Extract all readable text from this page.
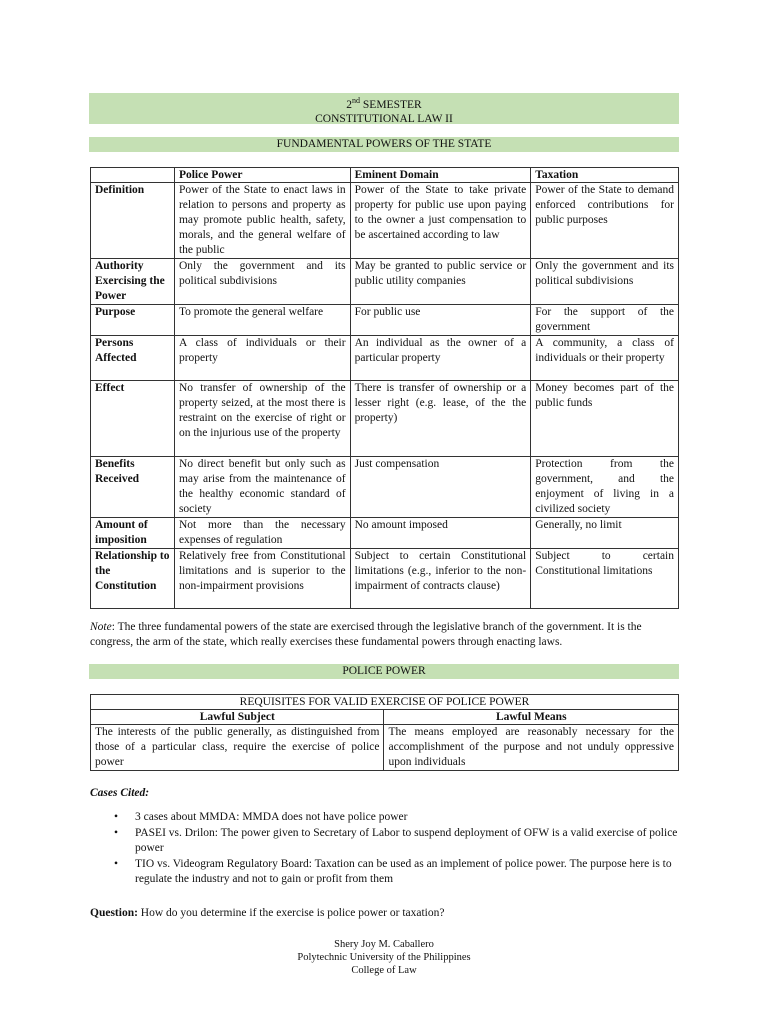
2nd SEMESTER
CONSTITUTIONAL LAW II
FUNDAMENTAL POWERS OF THE STATE
	Police Power	Eminent Domain	Taxation
Definition	Power of the State to enact laws in relation to persons and property as may promote public health, safety, morals, and the general welfare of the public	Power of the State to take private property for public use upon paying to the owner a just compensation to be ascertained according to law	Power of the State to demand enforced contributions for public purposes
Authority Exercising the Power	Only the government and its political subdivisions	May be granted to public service or public utility companies	Only the government and its political subdivisions
Purpose	To promote the general welfare	For public use	For the support of the government
Persons Affected	A class of individuals or their property	An individual as the owner of a particular property	A community, a class of individuals or their property
Effect	No transfer of ownership of the property seized, at the most there is restraint on the exercise of right or on the injurious use of the property	There is transfer of ownership or a lesser right (e.g. lease, of the the property)	Money becomes part of the public funds
Benefits Received	No direct benefit but only such as may arise from the maintenance of the healthy economic standard of society	Just compensation	Protection from the government, and the enjoyment of living in a civilized society
Amount of imposition	Not more than the necessary expenses of regulation	No amount imposed	Generally, no limit
Relationship to the Constitution	Relatively free from Constitutional limitations and is superior to the non-impairment provisions	Subject to certain Constitutional limitations (e.g., inferior to the non-impairment of contracts clause)	Subject to certain Constitutional limitations
Note: The three fundamental powers of the state are exercised through the legislative branch of the government. It is the congress, the arm of the state, which really exercises these fundamental powers through enacting laws.
POLICE POWER
REQUISITES FOR VALID EXERCISE OF POLICE POWER	
Lawful Subject	Lawful Means
The interests of the public generally, as distinguished from those of a particular class, require the exercise of police power	The means employed are reasonably necessary for the accomplishment of the purpose and not unduly oppressive upon individuals
Cases Cited:
• 3 cases about MMDA: MMDA does not have police power
• PASEI vs. Drilon: The power given to Secretary of Labor to suspend deployment of OFW is a valid exercise of police power
• TIO vs. Videogram Regulatory Board: Taxation can be used as an implement of police power. The purpose here is to regulate the industry and not to gain or profit from them
Question: How do you determine if the exercise is police power or taxation?
Shery Joy M. Caballero
Polytechnic University of the Philippines
College of Law
